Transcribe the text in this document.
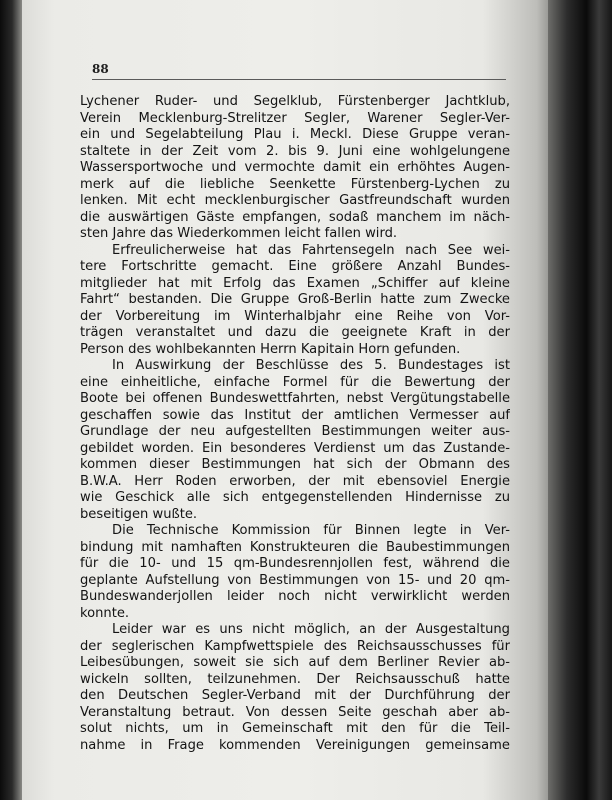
88
Lychener Ruder- und Segelklub, Fürstenberger Jachtklub,
Verein Mecklenburg-Strelitzer Segler, Warener Segler-Ver-
ein und Segelabteilung Plau i. Meckl. Diese Gruppe veran-
staltete in der Zeit vom 2. bis 9. Juni eine wohlgelungene
Wassersportwoche und vermochte damit ein erhöhtes Augen-
merk auf die liebliche Seenkette Fürstenberg-Lychen zu
lenken. Mit echt mecklenburgischer Gastfreundschaft wurden
die auswärtigen Gäste empfangen, sodaß manchem im näch-
sten Jahre das Wiederkommen leicht fallen wird.
Erfreulicherweise hat das Fahrtensegeln nach See wei-
tere Fortschritte gemacht. Eine größere Anzahl Bundes-
mitglieder hat mit Erfolg das Examen „Schiffer auf kleine
Fahrt“ bestanden. Die Gruppe Groß-Berlin hatte zum Zwecke
der Vorbereitung im Winterhalbjahr eine Reihe von Vor-
trägen veranstaltet und dazu die geeignete Kraft in der
Person des wohlbekannten Herrn Kapitain Horn gefunden.
In Auswirkung der Beschlüsse des 5. Bundestages ist
eine einheitliche, einfache Formel für die Bewertung der
Boote bei offenen Bundeswettfahrten, nebst Vergütungstabelle
geschaffen sowie das Institut der amtlichen Vermesser auf
Grundlage der neu aufgestellten Bestimmungen weiter aus-
gebildet worden. Ein besonderes Verdienst um das Zustande-
kommen dieser Bestimmungen hat sich der Obmann des
B.W.A. Herr Roden erworben, der mit ebensoviel Energie
wie Geschick alle sich entgegenstellenden Hindernisse zu
beseitigen wußte.
Die Technische Kommission für Binnen legte in Ver-
bindung mit namhaften Konstrukteuren die Baubestimmungen
für die 10- und 15 qm-Bundesrennjollen fest, während die
geplante Aufstellung von Bestimmungen von 15- und 20 qm-
Bundeswanderjollen leider noch nicht verwirklicht werden
konnte.
Leider war es uns nicht möglich, an der Ausgestaltung
der seglerischen Kampfwettspiele des Reichsausschusses für
Leibesübungen, soweit sie sich auf dem Berliner Revier ab-
wickeln sollten, teilzunehmen. Der Reichsausschuß hatte
den Deutschen Segler-Verband mit der Durchführung der
Veranstaltung betraut. Von dessen Seite geschah aber ab-
solut nichts, um in Gemeinschaft mit den für die Teil-
nahme in Frage kommenden Vereinigungen gemeinsame
